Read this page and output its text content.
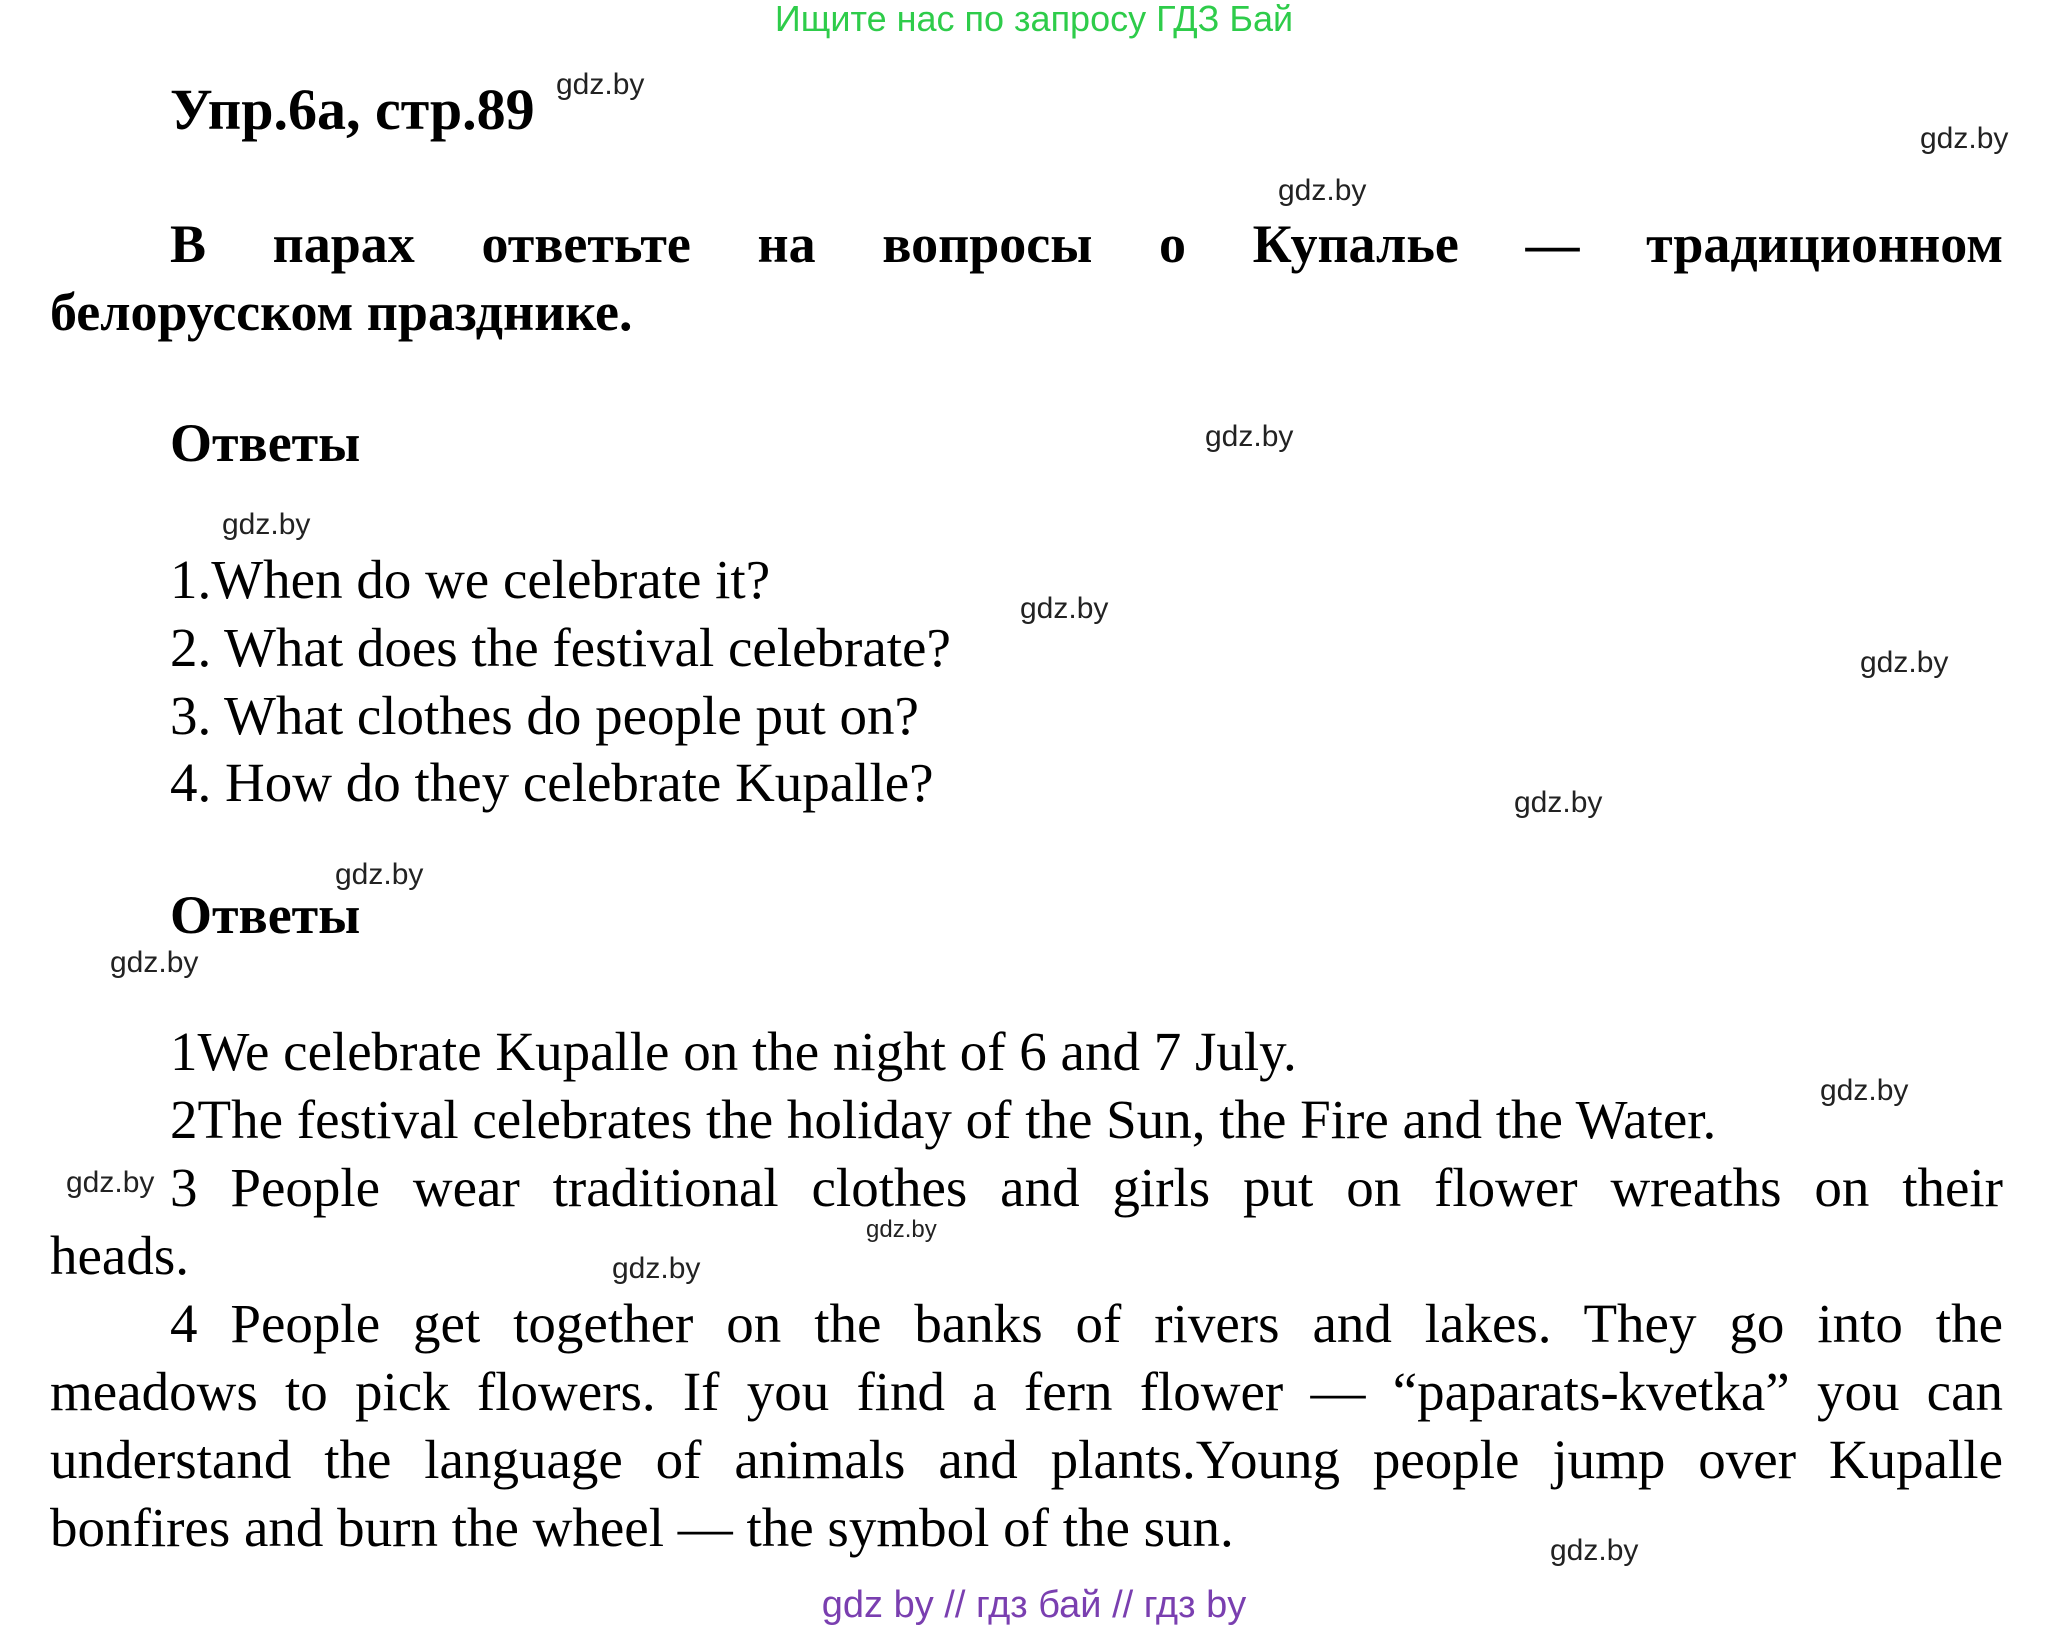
Ищите нас по запросу ГДЗ Бай
Упр.6а, стр.89
В парах ответьте на вопросы о Купалье — традиционном
белорусском празднике.
Ответы
1.When do we celebrate it?
2. What does the festival celebrate?
3. What clothes do people put on?
4. How do they celebrate Kupalle?
Ответы
1We celebrate Kupalle on the night of 6 and 7 July.
2The festival celebrates the holiday of the Sun, the Fire and the Water.
3 People wear traditional clothes and girls put on flower wreaths on their
heads.
4 People get together on the banks of rivers and lakes. They go into the
meadows to pick flowers. If you find a fern flower — “paparats-kvetka” you can
understand the language of animals and plants.Young people jump over Kupalle
bonfires and burn the wheel — the symbol of the sun.
gdz.by
gdz.by
gdz.by
gdz.by
gdz.by
gdz.by
gdz.by
gdz.by
gdz.by
gdz.by
gdz.by
gdz.by
gdz.by
gdz.by
gdz.by
gdz by // гдз бай // гдз by
